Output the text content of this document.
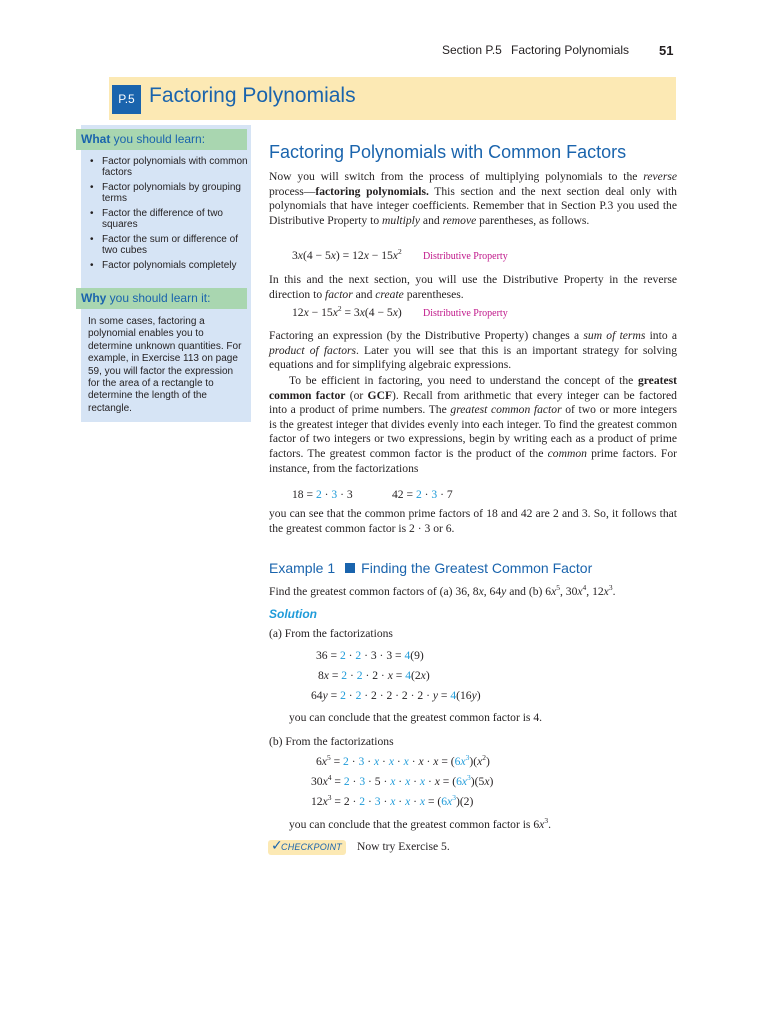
Section P.5 Factoring Polynomials 51
P.5 Factoring Polynomials
What you should learn:
• Factor polynomials with common factors
• Factor polynomials by grouping terms
• Factor the difference of two squares
• Factor the sum or difference of two cubes
• Factor polynomials completely
Why you should learn it:
In some cases, factoring a polynomial enables you to determine unknown quantities. For example, in Exercise 113 on page 59, you will factor the expression for the area of a rectangle to determine the length of the rectangle.
Factoring Polynomials with Common Factors
Now you will switch from the process of multiplying polynomials to the reverse process—factoring polynomials. This section and the next section deal only with polynomials that have integer coefficients. Remember that in Section P.3 you used the Distributive Property to multiply and remove parentheses, as follows.
$3x(4 - 5x) = 12x - 15x^2$ Distributive Property
In this and the next section, you will use the Distributive Property in the reverse direction to factor and create parentheses.
$12x - 15x^2 = 3x(4 - 5x)$ Distributive Property
Factoring an expression (by the Distributive Property) changes a sum of terms into a product of factors. Later you will see that this is an important strategy for solving equations and for simplifying algebraic expressions.
To be efficient in factoring, you need to understand the concept of the greatest common factor (or GCF). Recall from arithmetic that every integer can be factored into a product of prime numbers. The greatest common factor of two or more integers is the greatest integer that divides evenly into each integer. To find the greatest common factor of two integers or two expressions, begin by writing each as a product of prime factors. The greatest common factor is the product of the common prime factors. For instance, from the factorizations
18 = 2 · 3 · 3	42 = 2 · 3 · 7
you can see that the common prime factors of 18 and 42 are 2 and 3. So, it follows that the greatest common factor is 2 · 3 or 6.
Example 1 Finding the Greatest Common Factor
Find the greatest common factors of (a) 36, 8x, 64y and (b) $6x^5$, $30x^4$, $12x^3$.
Solution
(a) From the factorizations
36 = 2 · 2 · 3 · 3 = 4(9)
8x = 2 · 2 · 2 · x = 4(2x)
64y = 2 · 2 · 2 · 2 · 2 · 2 · y = 4(16y)
you can conclude that the greatest common factor is 4.
(b) From the factorizations
$6x^5 = 2 \cdot 3 \cdot x \cdot x \cdot x \cdot x \cdot x = (6x^3)(x^2)$
$30x^4 = 2 \cdot 3 \cdot 5 \cdot x \cdot x \cdot x \cdot x = (6x^3)(5x)$
$12x^3 = 2 \cdot 2 \cdot 3 \cdot x \cdot x \cdot x = (6x^3)(2)$
you can conclude that the greatest common factor is $6x^3$.
✓
CHECKPOINT Now try Exercise 5.
